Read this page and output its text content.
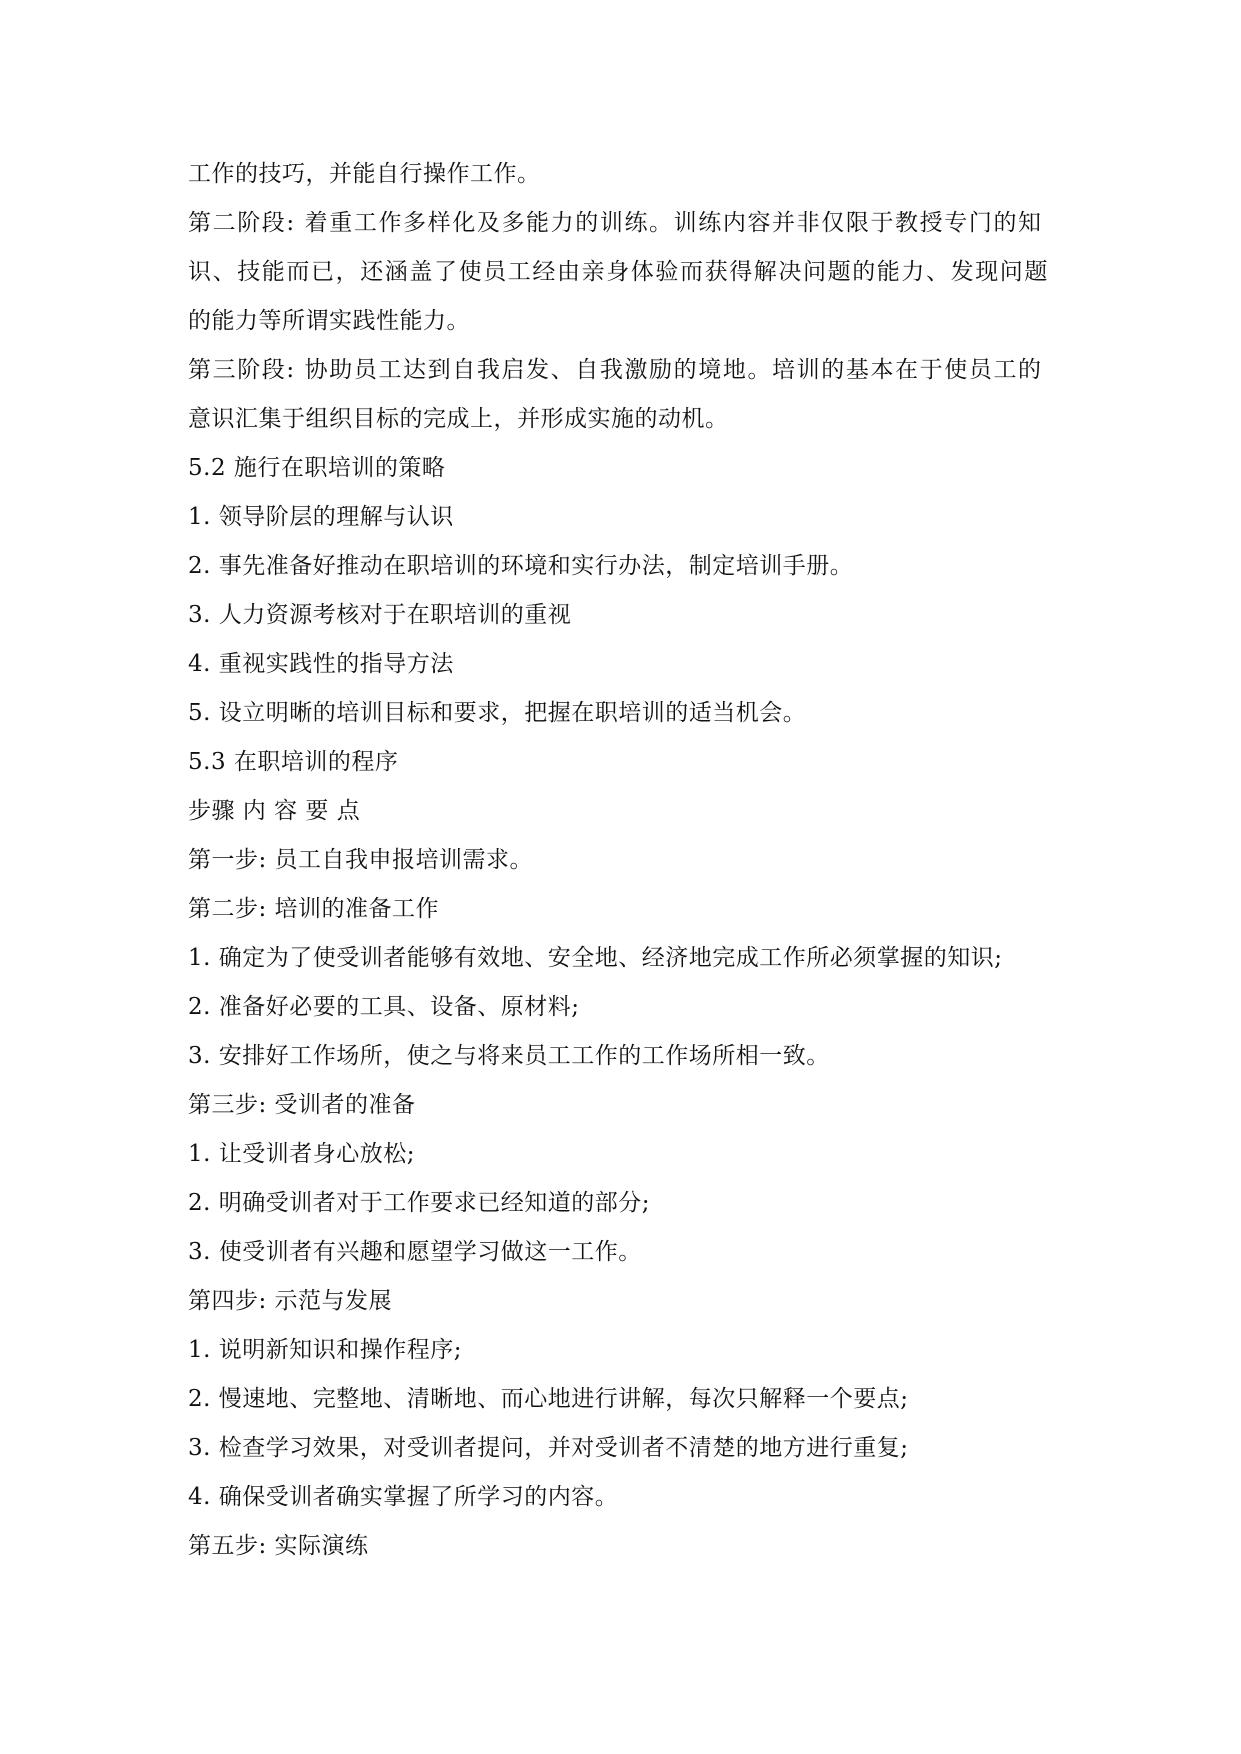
工作的技巧，并能自行操作工作。
第二阶段: 着重工作多样化及多能力的训练。训练内容并非仅限于教授专门的知
识、技能而已，还涵盖了使员工经由亲身体验而获得解决问题的能力、发现问题
的能力等所谓实践性能力。
第三阶段: 协助员工达到自我启发、自我激励的境地。培训的基本在于使员工的
意识汇集于组织目标的完成上，并形成实施的动机。
5.2 施行在职培训的策略
1. 领导阶层的理解与认识
2. 事先准备好推动在职培训的环境和实行办法，制定培训手册。
3. 人力资源考核对于在职培训的重视
4. 重视实践性的指导方法
5. 设立明晰的培训目标和要求，把握在职培训的适当机会。
5.3 在职培训的程序
步骤 内 容 要 点
第一步: 员工自我申报培训需求。
第二步: 培训的准备工作
1. 确定为了使受训者能够有效地、安全地、经济地完成工作所必须掌握的知识;
2. 准备好必要的工具、设备、原材料;
3. 安排好工作场所，使之与将来员工工作的工作场所相一致。
第三步: 受训者的准备
1. 让受训者身心放松;
2. 明确受训者对于工作要求已经知道的部分;
3. 使受训者有兴趣和愿望学习做这一工作。
第四步: 示范与发展
1. 说明新知识和操作程序;
2. 慢速地、完整地、清晰地、而心地进行讲解，每次只解释一个要点;
3. 检查学习效果，对受训者提问，并对受训者不清楚的地方进行重复;
4. 确保受训者确实掌握了所学习的内容。
第五步: 实际演练
